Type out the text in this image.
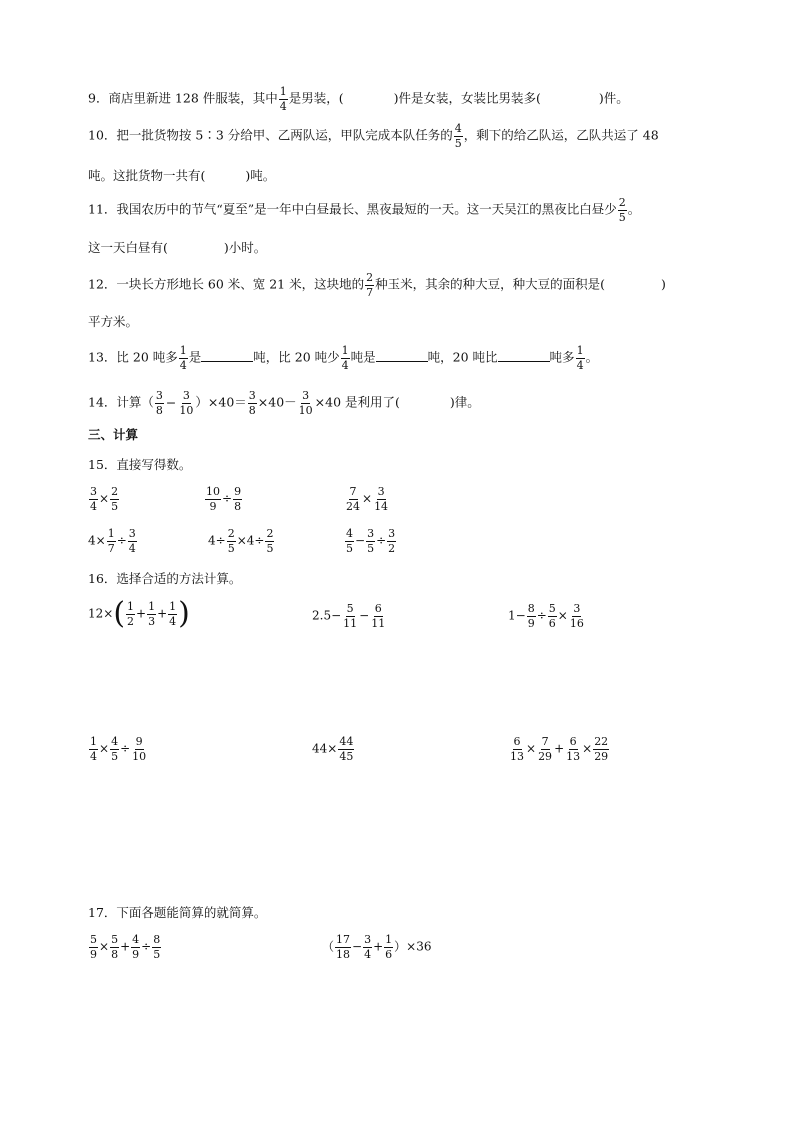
9．商店里新进 128 件服装，其中 $\frac{1}{4}$ 是男装，(	)件是女装，女装比男装多(	)件。
10．把一批货物按 5∶3 分给甲、乙两队运，甲队完成本队任务的 $\frac{4}{5}$ ，剩下的给乙队运，乙队共运了 48
吨。这批货物一共有(	)吨。
11．我国农历中的节气“夏至”是一年中白昼最长、黑夜最短的一天。这一天吴江的黑夜比白昼少 $\frac{2}{5}$ 。
这一天白昼有(	)小时。
12．一块长方形地长 60 米、宽 21 米，这块地的 $\frac{2}{7}$ 种玉米，其余的种大豆，种大豆的面积是(	)
平方米。
13．比 20 吨多 $\frac{1}{4}$ 是	吨，比 20 吨少 $\frac{1}{4}$ 吨是	吨，20 吨比	吨多 $\frac{1}{4}$ 。
14．计算（ $\frac{3}{8} - \frac{3}{10} )\times 40= \frac{3}{8} \times 40- \frac{3}{10} \times 40$ 是利用了(	)律。
三、计算
15．直接写得数。
$\frac{3}{4} \times \frac{2}{5}$	$\frac{10}{9} \div \frac{9}{8}$	$\frac{7}{24} \times \frac{3}{14}$
$4\times \frac{1}{7} \div \frac{3}{4}$	$4\div \frac{2}{5} \times 4\div \frac{2}{5}$	$\frac{4}{5} - \frac{3}{5} \div \frac{3}{2}$
16．选择合适的方法计算。
$12\times( \frac{1}{2} + \frac{1}{3} + \frac{1}{4}$ )	$2.5- \frac{5}{11} - \frac{6}{11}$	$1- \frac{8}{9} \div \frac{5}{6} \times \frac{3}{16}$
$\frac{1}{4} \times \frac{4}{5} \div \frac{9}{10}$	$44\times \frac{44}{45}$	$\frac{6}{13} \times \frac{7}{29} + \frac{6}{13} \times \frac{22}{29}$
17．下面各题能简算的就简算。
$\frac{5}{9} \times \frac{5}{8} + \frac{4}{9} \div \frac{8}{5}$	（ $\frac{17}{18} - \frac{3}{4} + \frac{1}{6} )\times 36$
